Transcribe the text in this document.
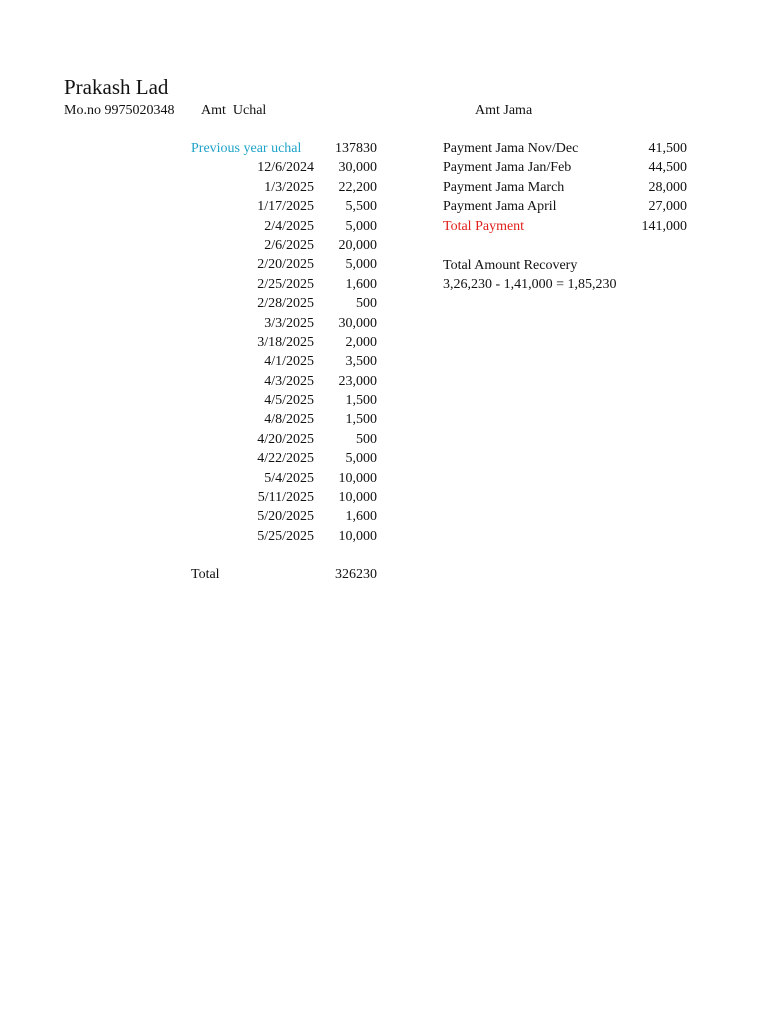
Prakash Lad
Mo.no 9975020348 Amt  Uchal	Amt Jama
Previous year uchal 137830
12/6/2024 30,000
1/3/2025 22,200
1/17/2025 5,500
2/4/2025 5,000
2/6/2025 20,000
2/20/2025 5,000
2/25/2025 1,600
2/28/2025	500
3/3/2025 30,000
3/18/2025 2,000
4/1/2025 3,500
4/3/2025 23,000
4/5/2025 1,500
4/8/2025 1,500
4/20/2025	500
4/22/2025 5,000
5/4/2025 10,000
5/11/2025 10,000
5/20/2025 1,600
5/25/2025 10,000
Total	326230
Payment Jama Nov/Dec	41,500
Payment Jama Jan/Feb	44,500
Payment Jama March	28,000
Payment Jama April	27,000
Total Payment	141,000
Total Amount Recovery
3,26,230 - 1,41,000 = 1,85,230
